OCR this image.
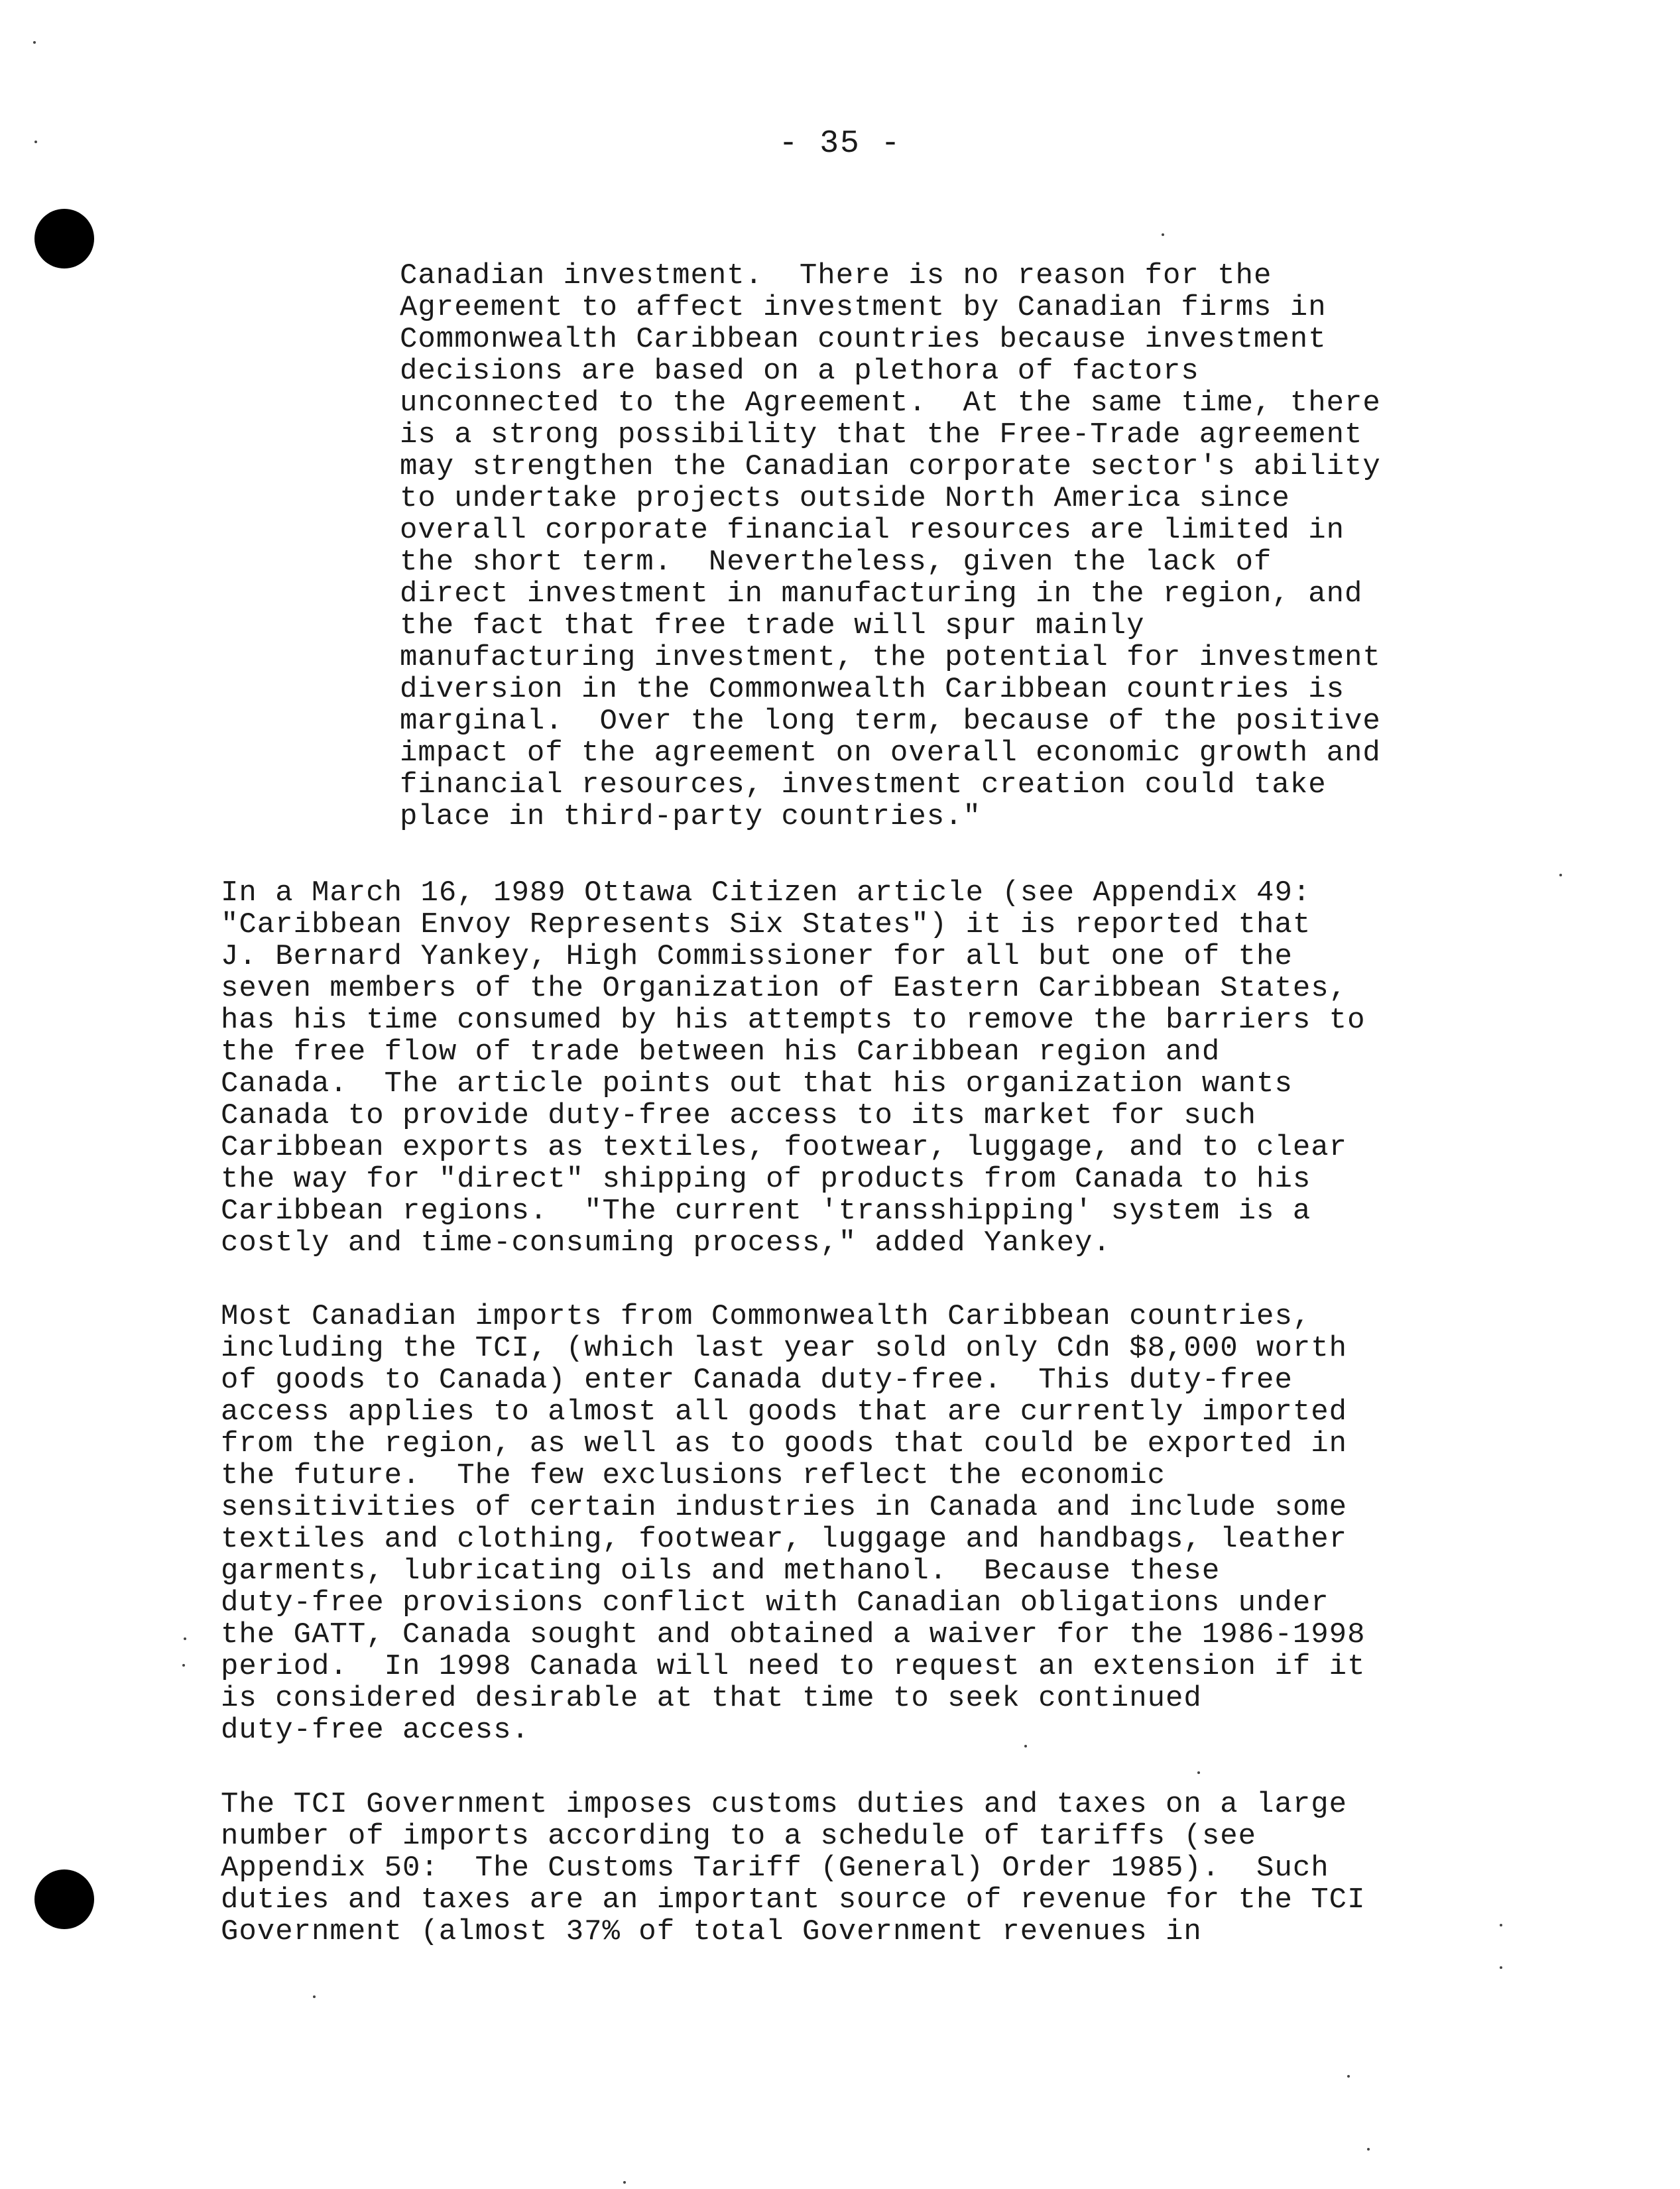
- 35 -
Canadian investment.  There is no reason for the
Agreement to affect investment by Canadian firms in
Commonwealth Caribbean countries because investment
decisions are based on a plethora of factors
unconnected to the Agreement.  At the same time, there
is a strong possibility that the Free-Trade agreement
may strengthen the Canadian corporate sector's ability
to undertake projects outside North America since
overall corporate financial resources are limited in
the short term.  Nevertheless, given the lack of
direct investment in manufacturing in the region, and
the fact that free trade will spur mainly
manufacturing investment, the potential for investment
diversion in the Commonwealth Caribbean countries is
marginal.  Over the long term, because of the positive
impact of the agreement on overall economic growth and
financial resources, investment creation could take
place in third-party countries."
In a March 16, 1989 Ottawa Citizen article (see Appendix 49:
"Caribbean Envoy Represents Six States") it is reported that
J. Bernard Yankey, High Commissioner for all but one of the
seven members of the Organization of Eastern Caribbean States,
has his time consumed by his attempts to remove the barriers to
the free flow of trade between his Caribbean region and
Canada.  The article points out that his organization wants
Canada to provide duty-free access to its market for such
Caribbean exports as textiles, footwear, luggage, and to clear
the way for "direct" shipping of products from Canada to his
Caribbean regions.  "The current 'transshipping' system is a
costly and time-consuming process," added Yankey.
Most Canadian imports from Commonwealth Caribbean countries,
including the TCI, (which last year sold only Cdn $8,000 worth
of goods to Canada) enter Canada duty-free.  This duty-free
access applies to almost all goods that are currently imported
from the region, as well as to goods that could be exported in
the future.  The few exclusions reflect the economic
sensitivities of certain industries in Canada and include some
textiles and clothing, footwear, luggage and handbags, leather
garments, lubricating oils and methanol.  Because these
duty-free provisions conflict with Canadian obligations under
the GATT, Canada sought and obtained a waiver for the 1986-1998
period.  In 1998 Canada will need to request an extension if it
is considered desirable at that time to seek continued
duty-free access.
The TCI Government imposes customs duties and taxes on a large
number of imports according to a schedule of tariffs (see
Appendix 50:  The Customs Tariff (General) Order 1985).  Such
duties and taxes are an important source of revenue for the TCI
Government (almost 37% of total Government revenues in
